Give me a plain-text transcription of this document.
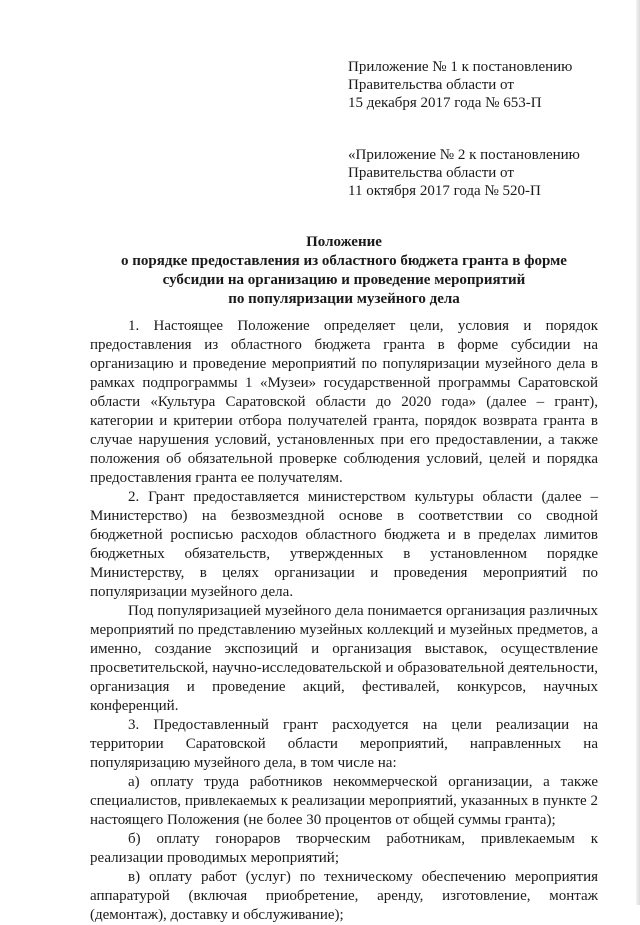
Приложение № 1 к постановлению
Правительства области от
15 декабря 2017 года № 653-П
«Приложение № 2 к постановлению
Правительства области от
11 октября 2017 года № 520-П
Положение
о порядке предоставления из областного бюджета гранта в форме
субсидии на организацию и проведение мероприятий
по популяризации музейного дела

1. Настоящее Положение определяет цели, условия и порядок предоставления из областного бюджета гранта в форме субсидии на организацию и проведение мероприятий по популяризации музейного дела в рамках подпрограммы 1 «Музеи» государственной программы Саратовской области «Культура Саратовской области до 2020 года» (далее – грант), категории и критерии отбора получателей гранта, порядок возврата гранта в случае нарушения условий, установленных при его предоставлении, а также положения об обязательной проверке соблюдения условий, целей и порядка предоставления гранта ее получателям.

2. Грант предоставляется министерством культуры области (далее – Министерство) на безвозмездной основе в соответствии со сводной бюджетной росписью расходов областного бюджета и в пределах лимитов бюджетных обязательств, утвержденных в установленном порядке Министерству, в целях организации и проведения мероприятий по популяризации музейного дела.

Под популяризацией музейного дела понимается организация различных мероприятий по представлению музейных коллекций и музейных предметов, а именно, создание экспозиций и организация выставок, осуществление просветительской, научно-исследовательской и образовательной деятельности, организация и проведение акций, фестивалей, конкурсов, научных конференций.

3. Предоставленный грант расходуется на цели реализации на территории Саратовской области мероприятий, направленных на популяризацию музейного дела, в том числе на:

а) оплату труда работников некоммерческой организации, а также специалистов, привлекаемых к реализации мероприятий, указанных в пункте 2 настоящего Положения (не более 30 процентов от общей суммы гранта);

б) оплату гонораров творческим работникам, привлекаемым к реализации проводимых мероприятий;

в) оплату работ (услуг) по техническому обеспечению мероприятия аппаратурой (включая приобретение, аренду, изготовление, монтаж (демонтаж), доставку и обслуживание);
